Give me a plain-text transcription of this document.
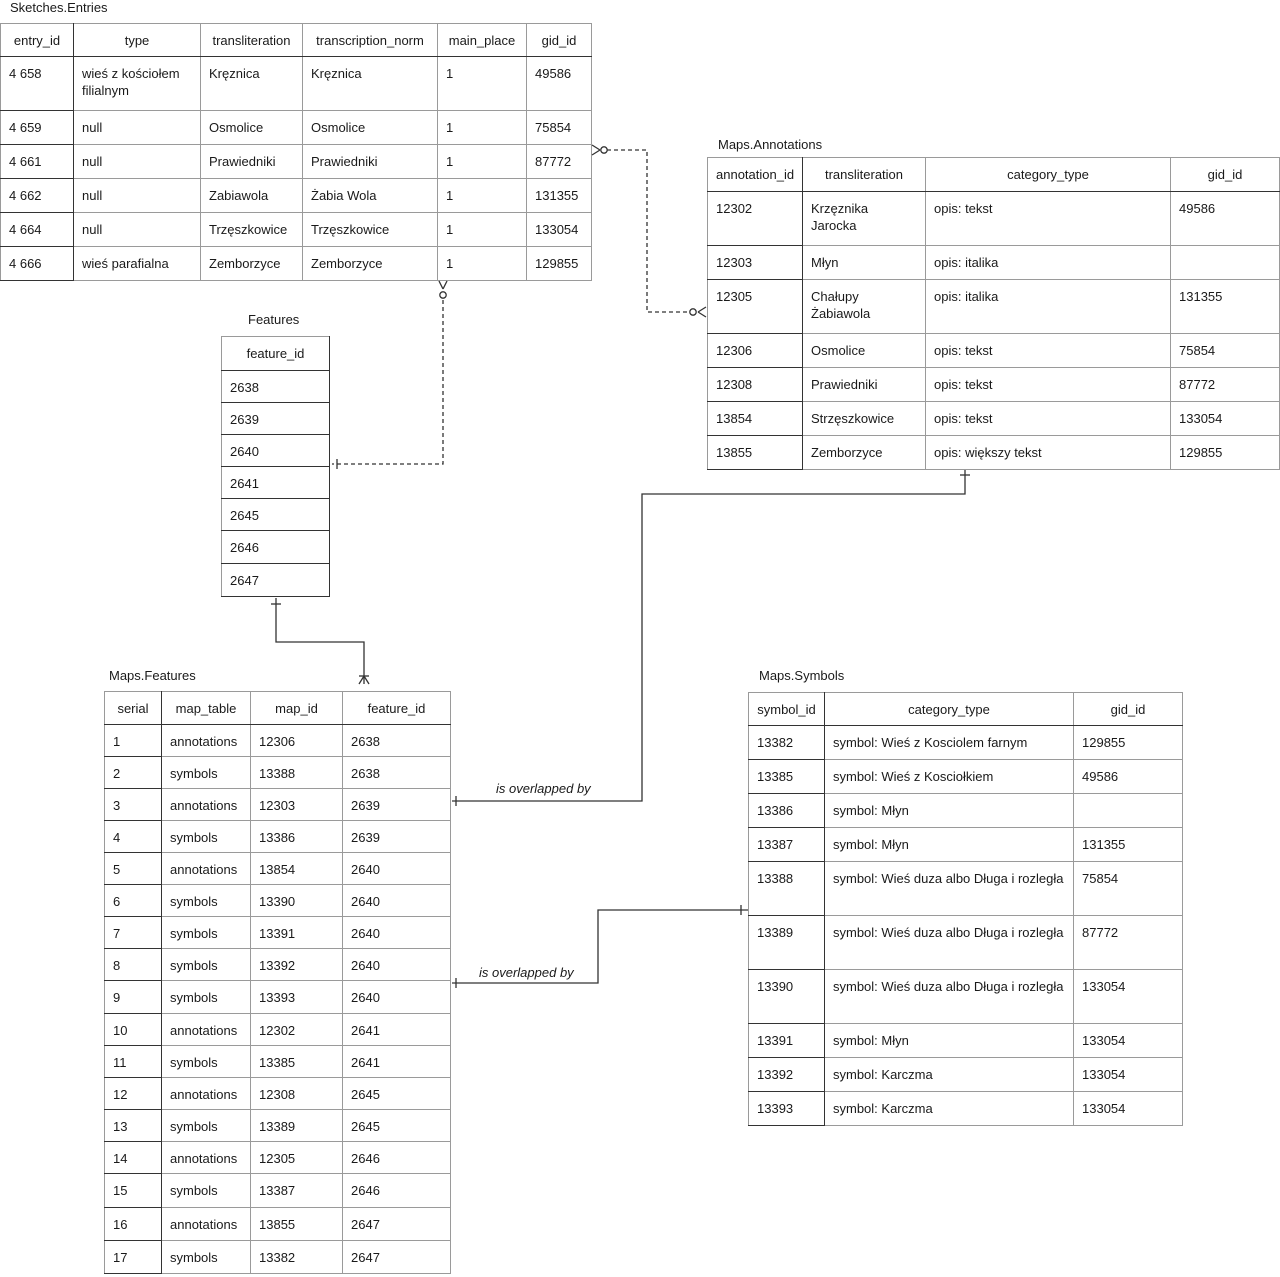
Sketches.Entries
entry_id	type	transliteration	transcription_norm	main_place	gid_id
4 658	wieś z kościołem filialnym	Kręznica	Kręznica	1	49586
4 659	null	Osmolice	Osmolice	1	75854
4 661	null	Prawiedniki	Prawiedniki	1	87772
4 662	null	Zabiawola	Żabia Wola	1	131355
4 664	null	Trzęszkowice	Trzęszkowice	1	133054
4 666	wieś parafialna	Zemborzyce	Zemborzyce	1	129855
Maps.Annotations
annotation_id	transliteration	category_type	gid_id
12302	Krzęznika Jarocka	opis: tekst	49586
12303	Młyn	opis: italika	
12305	Chałupy Żabiawola	opis: italika	131355
12306	Osmolice	opis: tekst	75854
12308	Prawiedniki	opis: tekst	87772
13854	Strzęszkowice	opis: tekst	133054
13855	Zemborzyce	opis: większy tekst	129855
Features
feature_id
2638
2639
2640
2641
2645
2646
2647
Maps.Features
serial	map_table	map_id	feature_id
1	annotations	12306	2638
2	symbols	13388	2638
3	annotations	12303	2639
4	symbols	13386	2639
5	annotations	13854	2640
6	symbols	13390	2640
7	symbols	13391	2640
8	symbols	13392	2640
9	symbols	13393	2640
10	annotations	12302	2641
11	symbols	13385	2641
12	annotations	12308	2645
13	symbols	13389	2645
14	annotations	12305	2646
15	symbols	13387	2646
16	annotations	13855	2647
17	symbols	13382	2647
Maps.Symbols
symbol_id	category_type	gid_id
13382	symbol: Wieś z Kosciolem farnym	129855
13385	symbol: Wieś z Kosciołkiem	49586
13386	symbol: Młyn	
13387	symbol: Młyn	131355
13388	symbol: Wieś duza albo Długa i rozległa	75854
13389	symbol: Wieś duza albo Długa i rozległa	87772
13390	symbol: Wieś duza albo Długa i rozległa	133054
13391	symbol: Młyn	133054
13392	symbol: Karczma	133054
13393	symbol: Karczma	133054
is overlapped by
is overlapped by
